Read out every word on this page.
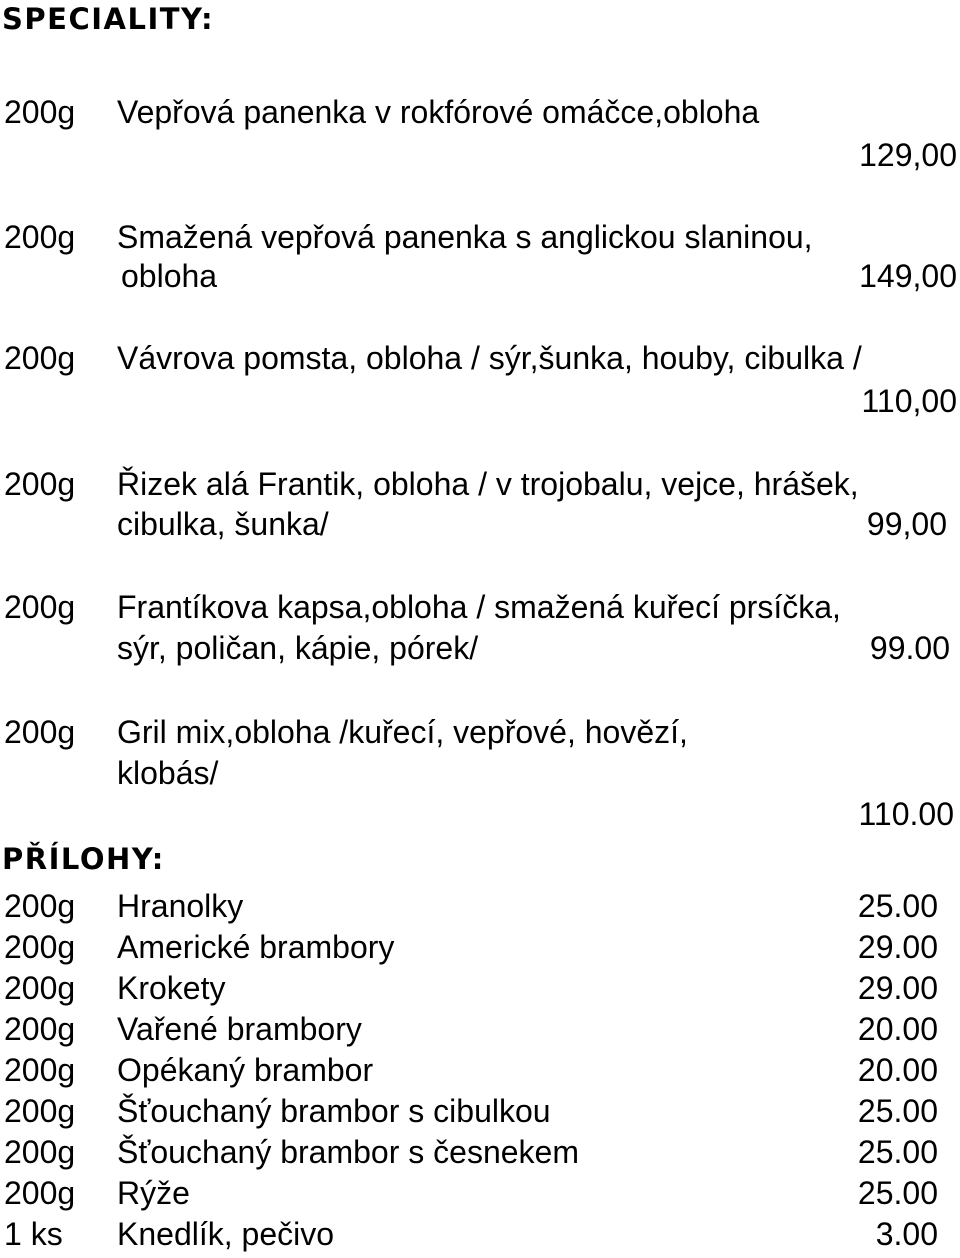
SPECIALITY:
200g Vepřová panenka v rokfórové omáčce,obloha
129,00
200g Smažená vepřová panenka s anglickou slaninou,
obloha	149,00
200g Vávrova pomsta, obloha / sýr,šunka, houby, cibulka /
110,00
200g Řizek alá Frantik, obloha / v trojobalu, vejce, hrášek,
cibulka, šunka/	99,00
200g Frantíkova kapsa,obloha / smažená kuřecí prsíčka,
sýr, poličan, kápie, pórek/	99.00
200g Gril mix,obloha /kuřecí, vepřové, hovězí,
klobás/
110.00
PŘÍLOHY:
200g Hranolky	25.00
200g Americké brambory	29.00
200g Krokety	29.00
200g Vařené brambory	20.00
200g Opékaný brambor	20.00
200g Šťouchaný brambor s cibulkou	25.00
200g Šťouchaný brambor s česnekem	25.00
200g Rýže	25.00
1 ks Knedlík, pečivo	3.00
